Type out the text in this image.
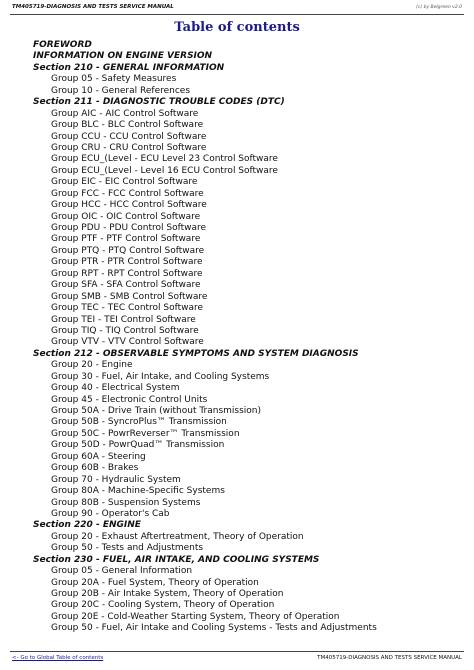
TM405719-DIAGNOSIS AND TESTS SERVICE MANUAL	(c) by Belgreen v2.0
Table of contents
FOREWORD
INFORMATION ON ENGINE VERSION
Section 210 - GENERAL INFORMATION
Group 05 - Safety Measures
Group 10 - General References
Section 211 - DIAGNOSTIC TROUBLE CODES (DTC)
Group AIC - AIC Control Software
Group BLC - BLC Control Software
Group CCU - CCU Control Software
Group CRU - CRU Control Software
Group ECU_(Level - ECU Level 23 Control Software
Group ECU_(Level - Level 16 ECU Control Software
Group EIC - EIC Control Software
Group FCC - FCC Control Software
Group HCC - HCC Control Software
Group OIC - OIC Control Software
Group PDU - PDU Control Software
Group PTF - PTF Control Software
Group PTQ - PTQ Control Software
Group PTR - PTR Control Software
Group RPT - RPT Control Software
Group SFA - SFA Control Software
Group SMB - SMB Control Software
Group TEC - TEC Control Software
Group TEI - TEI Control Software
Group TIQ - TIQ Control Software
Group VTV - VTV Control Software
Section 212 - OBSERVABLE SYMPTOMS AND SYSTEM DIAGNOSIS
Group 20 - Engine
Group 30 - Fuel, Air Intake, and Cooling Systems
Group 40 - Electrical System
Group 45 - Electronic Control Units
Group 50A - Drive Train (without Transmission)
Group 50B - SyncroPlus™ Transmission
Group 50C - PowrReverser™ Transmission
Group 50D - PowrQuad™ Transmission
Group 60A - Steering
Group 60B - Brakes
Group 70 - Hydraulic System
Group 80A - Machine-Specific Systems
Group 80B - Suspension Systems
Group 90 - Operator's Cab
Section 220 - ENGINE
Group 20 - Exhaust Aftertreatment, Theory of Operation
Group 50 - Tests and Adjustments
Section 230 - FUEL, AIR INTAKE, AND COOLING SYSTEMS
Group 05 - General Information
Group 20A - Fuel System, Theory of Operation
Group 20B - Air Intake System, Theory of Operation
Group 20C - Cooling System, Theory of Operation
Group 20E - Cold-Weather Starting System, Theory of Operation
Group 50 - Fuel, Air Intake and Cooling Systems - Tests and Adjustments
<- Go to Global Table of contents	TM405719-DIAGNOSIS AND TESTS SERVICE MANUAL
